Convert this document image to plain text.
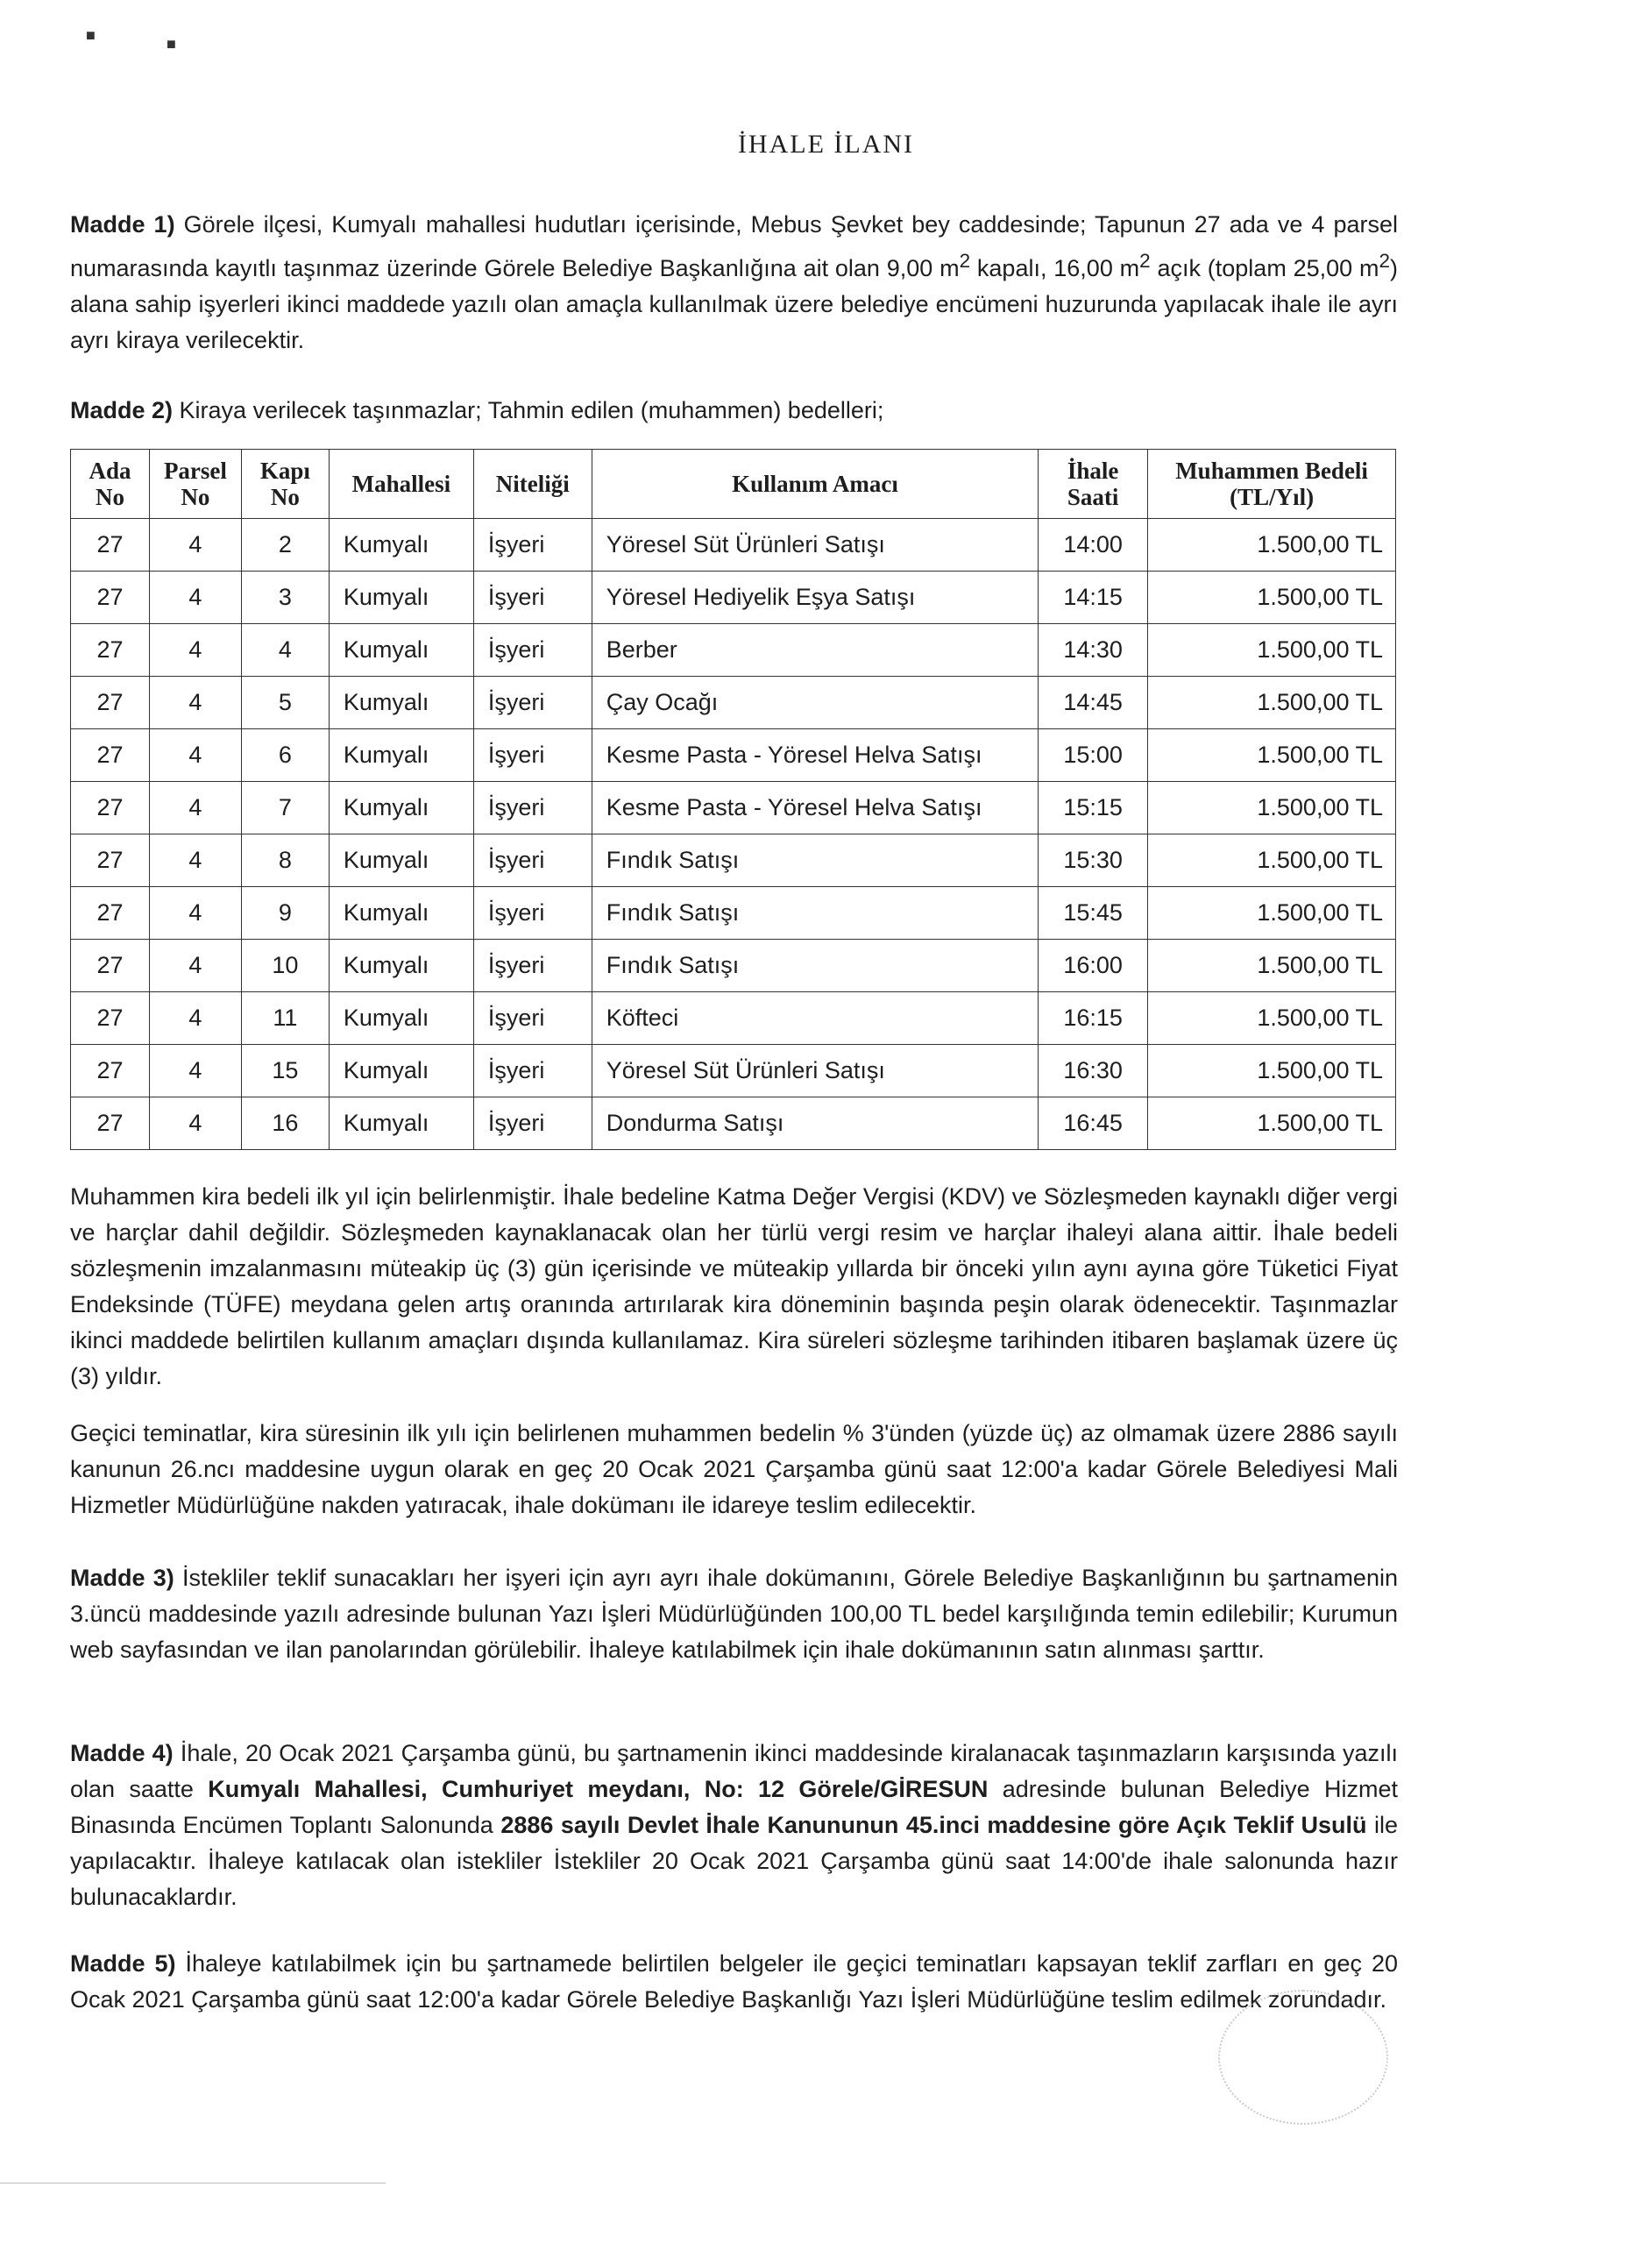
■	■
İHALE İLANI

Madde 1) Görele ilçesi, Kumyalı mahallesi hudutları içerisinde, Mebus Şevket bey caddesinde; Tapunun 27 ada ve 4 parsel numarasında kayıtlı taşınmaz üzerinde Görele Belediye Başkanlığına ait olan 9,00 $m^2$ kapalı, 16,00 $m^2$ açık (toplam 25,00 $m^2$) alana sahip işyerleri ikinci maddede yazılı olan amaçla kullanılmak üzere belediye encümeni huzurunda yapılacak ihale ile ayrı ayrı kiraya verilecektir.

Madde 2) Kiraya verilecek taşınmazlar; Tahmin edilen (muhammen) bedelleri;

Ada No	Parsel No	Kapı No	Mahallesi	Niteliği	Kullanım Amacı	İhale Saati	Muhammen Bedeli (TL/Yıl)
27	4	2	Kumyalı	İşyeri	Yöresel Süt Ürünleri Satışı	14:00	1.500,00 TL
27	4	3	Kumyalı	İşyeri	Yöresel Hediyelik Eşya Satışı	14:15	1.500,00 TL
27	4	4	Kumyalı	İşyeri	Berber	14:30	1.500,00 TL
27	4	5	Kumyalı	İşyeri	Çay Ocağı	14:45	1.500,00 TL
27	4	6	Kumyalı	İşyeri	Kesme Pasta - Yöresel Helva Satışı	15:00	1.500,00 TL
27	4	7	Kumyalı	İşyeri	Kesme Pasta - Yöresel Helva Satışı	15:15	1.500,00 TL
27	4	8	Kumyalı	İşyeri	Fındık Satışı	15:30	1.500,00 TL
27	4	9	Kumyalı	İşyeri	Fındık Satışı	15:45	1.500,00 TL
27	4	10	Kumyalı	İşyeri	Fındık Satışı	16:00	1.500,00 TL
27	4	11	Kumyalı	İşyeri	Köfteci	16:15	1.500,00 TL
27	4	15	Kumyalı	İşyeri	Yöresel Süt Ürünleri Satışı	16:30	1.500,00 TL
27	4	16	Kumyalı	İşyeri	Dondurma Satışı	16:45	1.500,00 TL

Muhammen kira bedeli ilk yıl için belirlenmiştir. İhale bedeline Katma Değer Vergisi (KDV) ve Sözleşmeden kaynaklı diğer vergi ve harçlar dahil değildir. Sözleşmeden kaynaklanacak olan her türlü vergi resim ve harçlar ihaleyi alana aittir. İhale bedeli sözleşmenin imzalanmasını müteakip üç (3) gün içerisinde ve müteakip yıllarda bir önceki yılın aynı ayına göre Tüketici Fiyat Endeksinde (TÜFE) meydana gelen artış oranında artırılarak kira döneminin başında peşin olarak ödenecektir. Taşınmazlar ikinci maddede belirtilen kullanım amaçları dışında kullanılamaz. Kira süreleri sözleşme tarihinden itibaren başlamak üzere üç (3) yıldır.

Geçici teminatlar, kira süresinin ilk yılı için belirlenen muhammen bedelin % 3'ünden (yüzde üç) az olmamak üzere 2886 sayılı kanunun 26.ncı maddesine uygun olarak en geç 20 Ocak 2021 Çarşamba günü saat 12:00'a kadar Görele Belediyesi Mali Hizmetler Müdürlüğüne nakden yatıracak, ihale dokümanı ile idareye teslim edilecektir.

Madde 3) İstekliler teklif sunacakları her işyeri için ayrı ayrı ihale dokümanını, Görele Belediye Başkanlığının bu şartnamenin 3.üncü maddesinde yazılı adresinde bulunan Yazı İşleri Müdürlüğünden 100,00 TL bedel karşılığında temin edilebilir; Kurumun web sayfasından ve ilan panolarından görülebilir. İhaleye katılabilmek için ihale dokümanının satın alınması şarttır.

Madde 4) İhale, 20 Ocak 2021 Çarşamba günü, bu şartnamenin ikinci maddesinde kiralanacak taşınmazların karşısında yazılı olan saatte Kumyalı Mahallesi, Cumhuriyet meydanı, No: 12 Görele/GİRESUN adresinde bulunan Belediye Hizmet Binasında Encümen Toplantı Salonunda 2886 sayılı Devlet İhale Kanununun 45.inci maddesine göre Açık Teklif Usulü ile yapılacaktır. İhaleye katılacak olan istekliler İstekliler 20 Ocak 2021 Çarşamba günü saat 14:00'de ihale salonunda hazır bulunacaklardır.

Madde 5) İhaleye katılabilmek için bu şartnamede belirtilen belgeler ile geçici teminatları kapsayan teklif zarfları en geç 20 Ocak 2021 Çarşamba günü saat 12:00'a kadar Görele Belediye Başkanlığı Yazı İşleri Müdürlüğüne teslim edilmek zorundadır.
